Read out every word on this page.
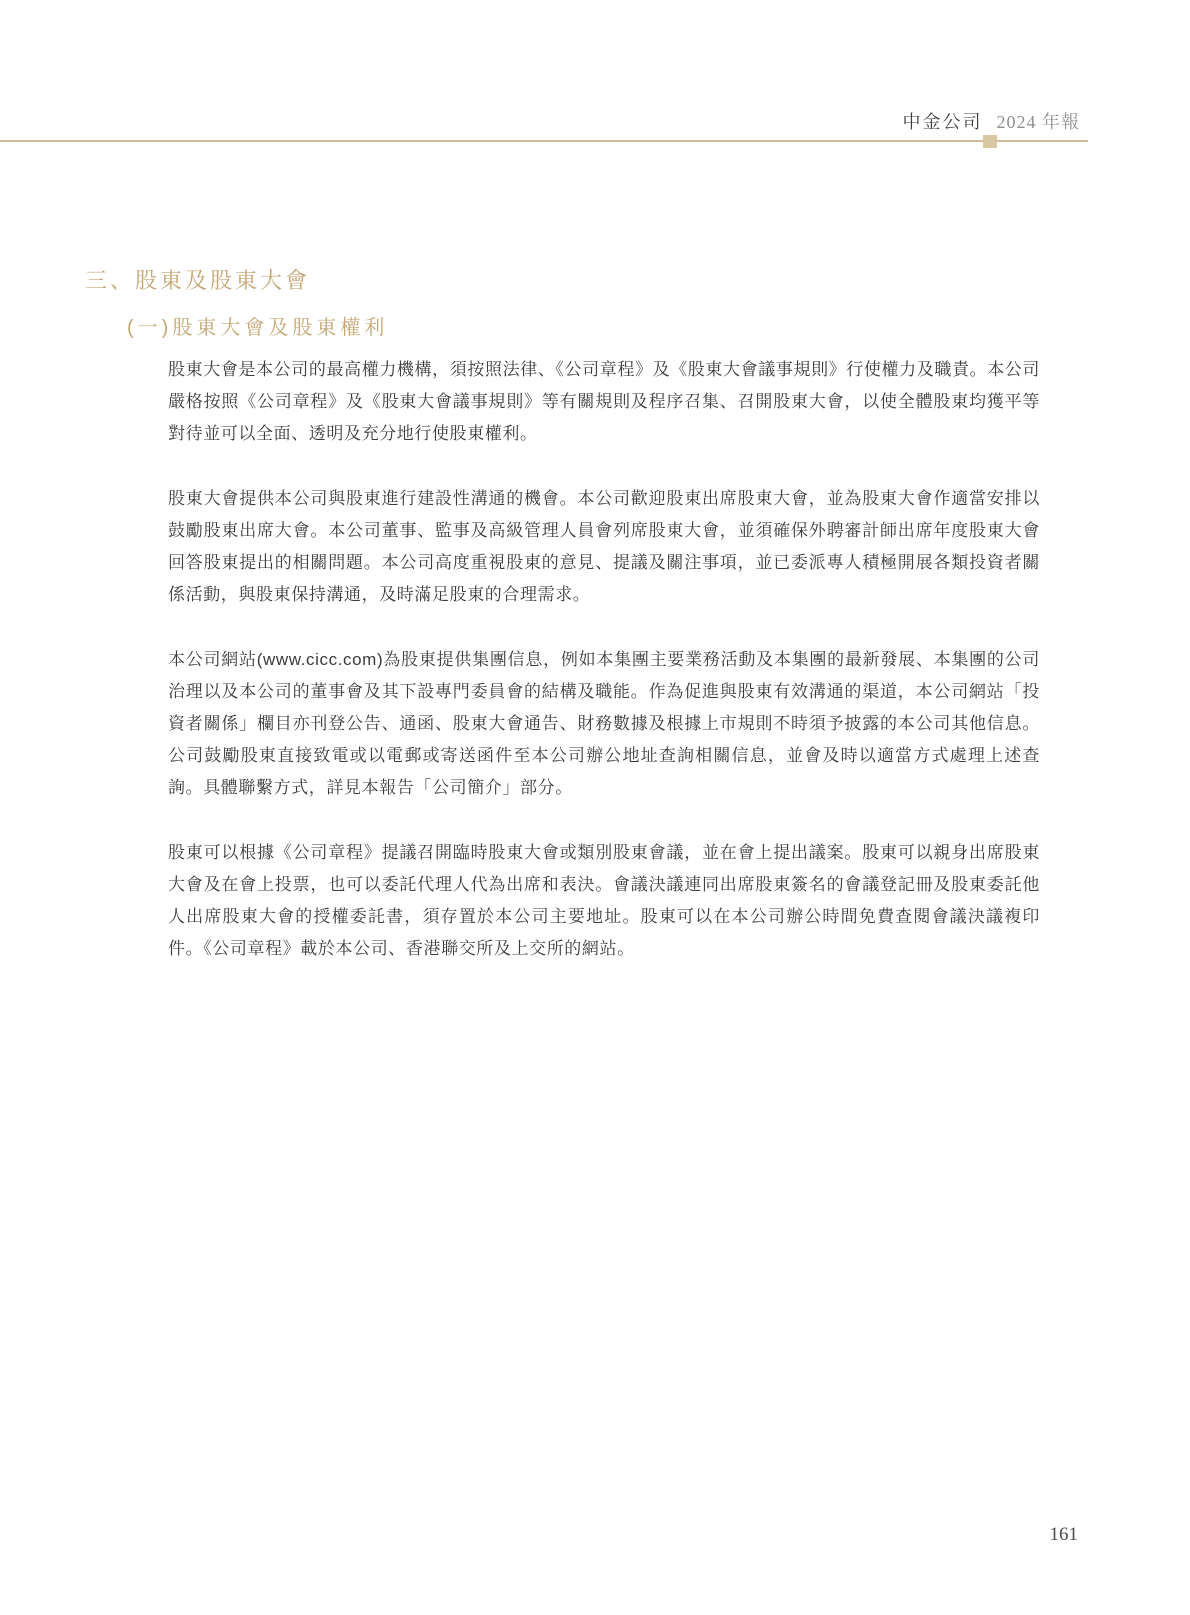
中金公司 2024 年報
三、股東及股東大會
(一)股東大會及股東權利

股東大會是本公司的最高權力機構，須按照法律、《公司章程》及《股東大會議事規則》行使權力及職責。本公司嚴格按照《公司章程》及《股東大會議事規則》等有關規則及程序召集、召開股東大會，以使全體股東均獲平等對待並可以全面、透明及充分地行使股東權利。

股東大會提供本公司與股東進行建設性溝通的機會。本公司歡迎股東出席股東大會，並為股東大會作適當安排以鼓勵股東出席大會。本公司董事、監事及高級管理人員會列席股東大會，並須確保外聘審計師出席年度股東大會回答股東提出的相關問題。本公司高度重視股東的意見、提議及關注事項，並已委派專人積極開展各類投資者關係活動，與股東保持溝通，及時滿足股東的合理需求。

本公司網站(www.cicc.com)為股東提供集團信息，例如本集團主要業務活動及本集團的最新發展、本集團的公司治理以及本公司的董事會及其下設專門委員會的結構及職能。作為促進與股東有效溝通的渠道，本公司網站「投資者關係」欄目亦刊登公告、通函、股東大會通告、財務數據及根據上市規則不時須予披露的本公司其他信息。公司鼓勵股東直接致電或以電郵或寄送函件至本公司辦公地址查詢相關信息，並會及時以適當方式處理上述查詢。具體聯繫方式，詳見本報告「公司簡介」部分。

股東可以根據《公司章程》提議召開臨時股東大會或類別股東會議，並在會上提出議案。股東可以親身出席股東大會及在會上投票，也可以委託代理人代為出席和表決。會議決議連同出席股東簽名的會議登記冊及股東委託他人出席股東大會的授權委託書，須存置於本公司主要地址。股東可以在本公司辦公時間免費查閱會議決議複印件。《公司章程》載於本公司、香港聯交所及上交所的網站。

161
